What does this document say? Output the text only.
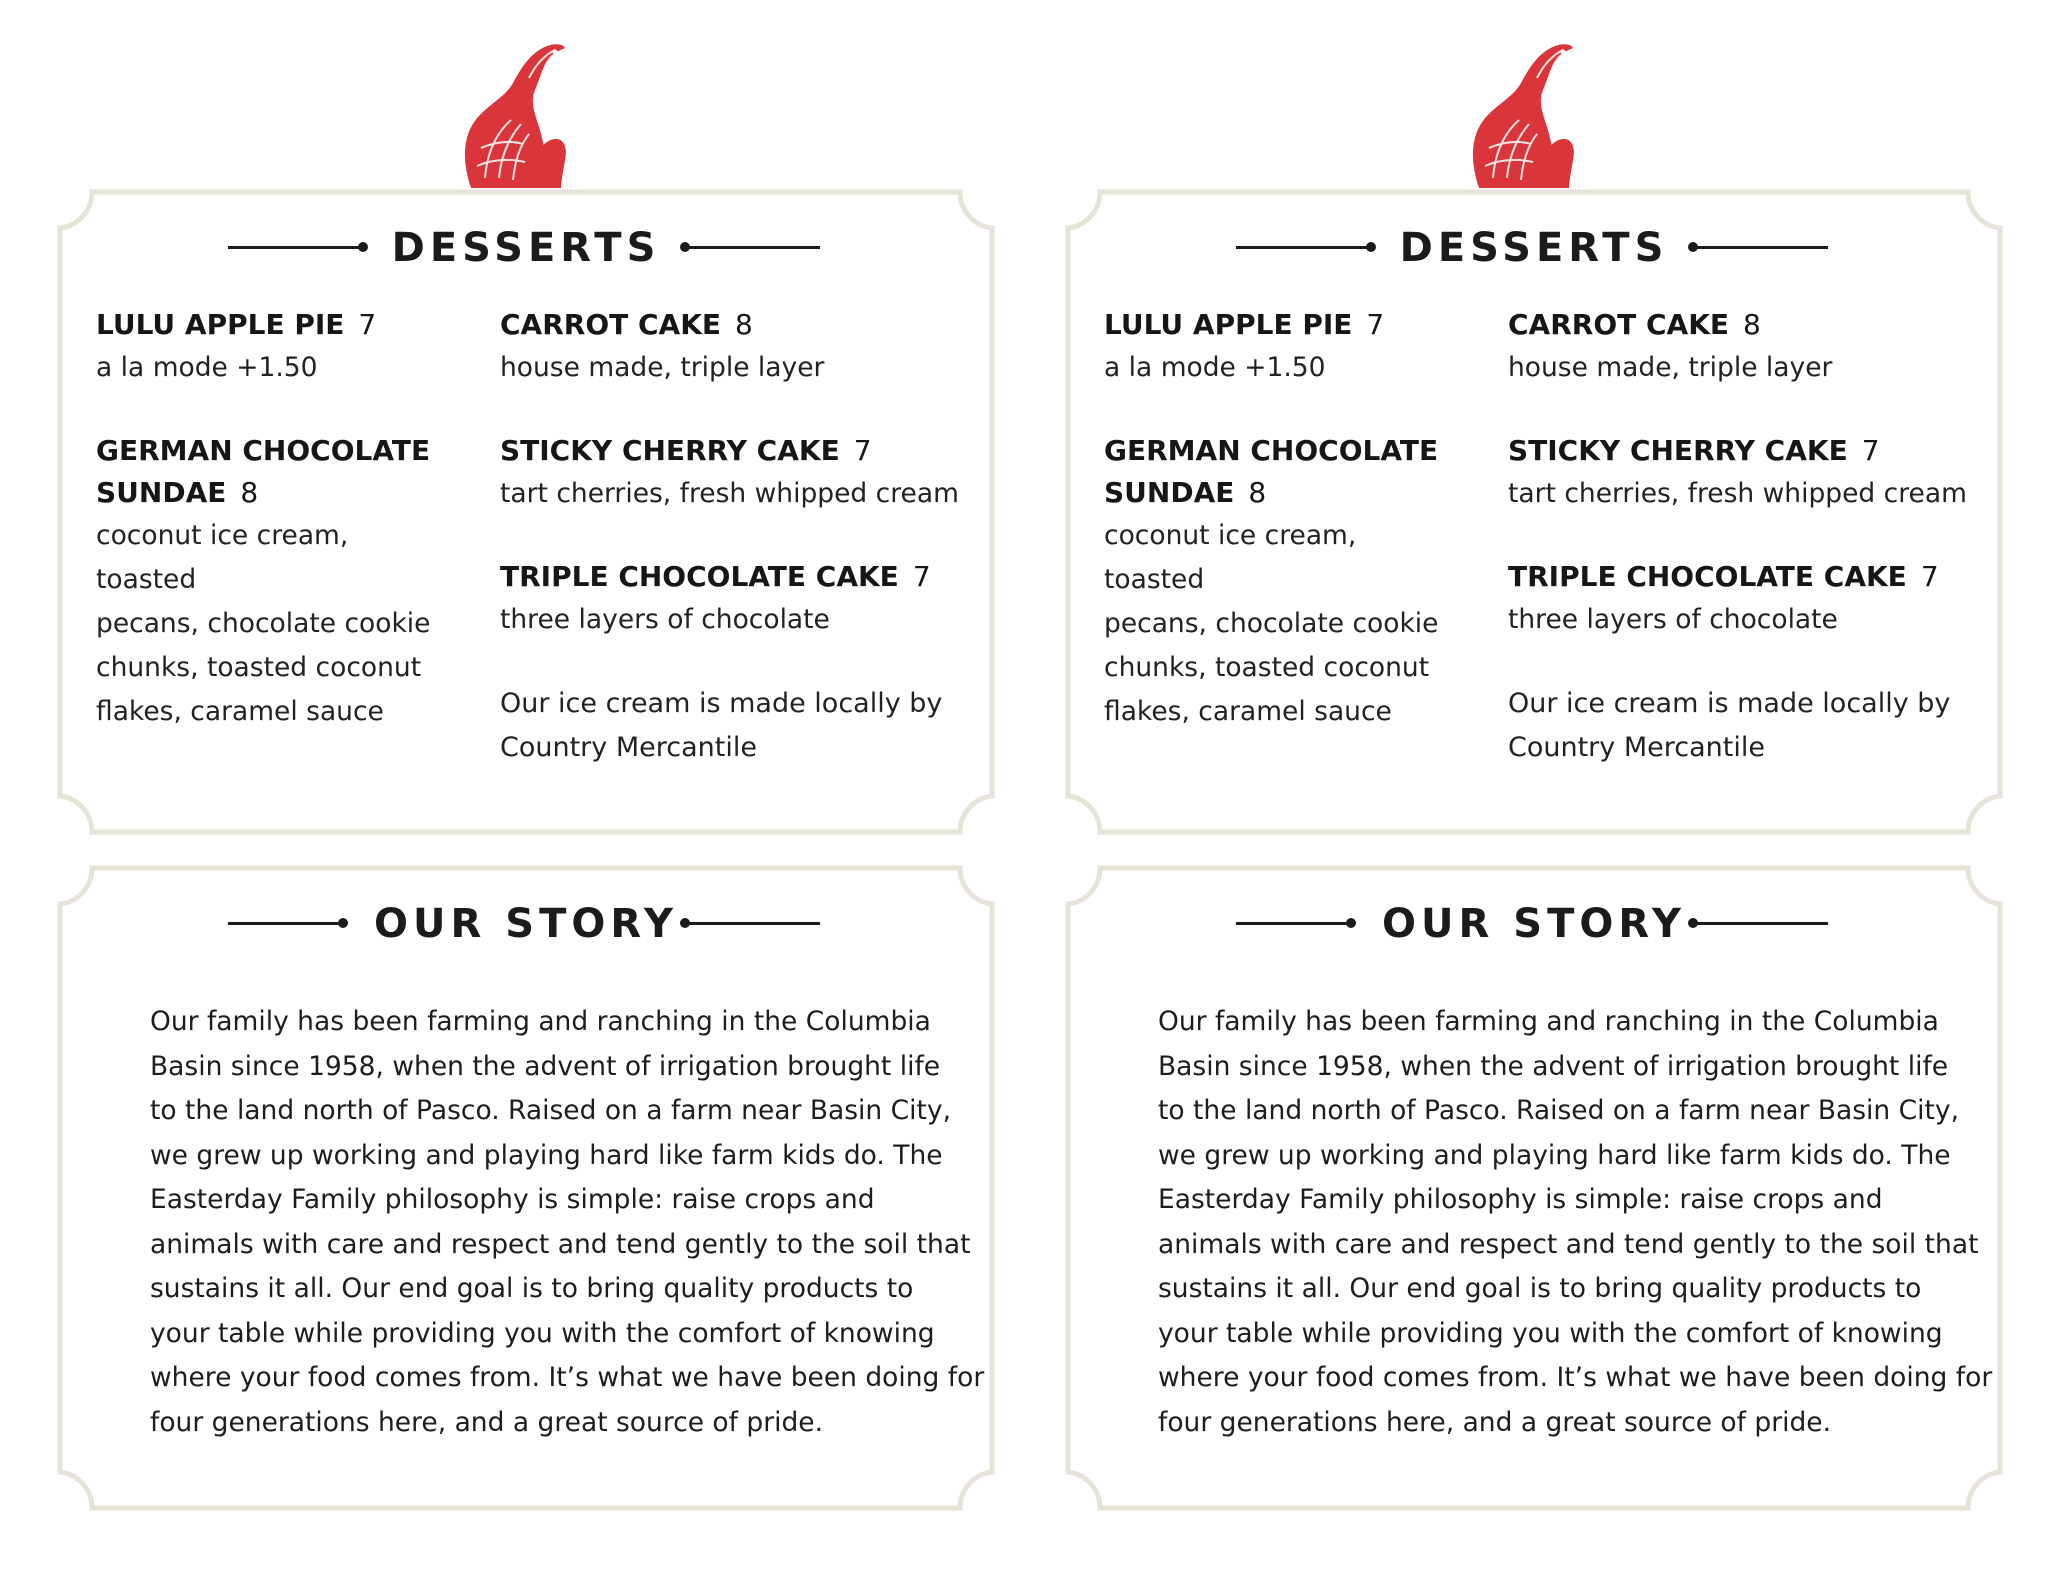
DESSERTS
LULU APPLE PIE 7
a la mode +1.50
GERMAN CHOCOLATE
SUNDAE 8
coconut ice cream, toasted
pecans, chocolate cookie
chunks, toasted coconut
flakes, caramel sauce
CARROT CAKE 8
house made, triple layer
STICKY CHERRY CAKE 7
tart cherries, fresh whipped cream
TRIPLE CHOCOLATE CAKE 7
three layers of chocolate
Our ice cream is made locally by
Country Mercantile
OUR STORY
Our family has been farming and ranching in the Columbia
Basin since 1958, when the advent of irrigation brought life
to the land north of Pasco. Raised on a farm near Basin City,
we grew up working and playing hard like farm kids do. The
Easterday Family philosophy is simple: raise crops and
animals with care and respect and tend gently to the soil that
sustains it all. Our end goal is to bring quality products to
your table while providing you with the comfort of knowing
where your food comes from. It’s what we have been doing for
four generations here, and a great source of pride.
DESSERTS
LULU APPLE PIE 7
a la mode +1.50
GERMAN CHOCOLATE
SUNDAE 8
coconut ice cream, toasted
pecans, chocolate cookie
chunks, toasted coconut
flakes, caramel sauce
CARROT CAKE 8
house made, triple layer
STICKY CHERRY CAKE 7
tart cherries, fresh whipped cream
TRIPLE CHOCOLATE CAKE 7
three layers of chocolate
Our ice cream is made locally by
Country Mercantile
OUR STORY
Our family has been farming and ranching in the Columbia
Basin since 1958, when the advent of irrigation brought life
to the land north of Pasco. Raised on a farm near Basin City,
we grew up working and playing hard like farm kids do. The
Easterday Family philosophy is simple: raise crops and
animals with care and respect and tend gently to the soil that
sustains it all. Our end goal is to bring quality products to
your table while providing you with the comfort of knowing
where your food comes from. It’s what we have been doing for
four generations here, and a great source of pride.
